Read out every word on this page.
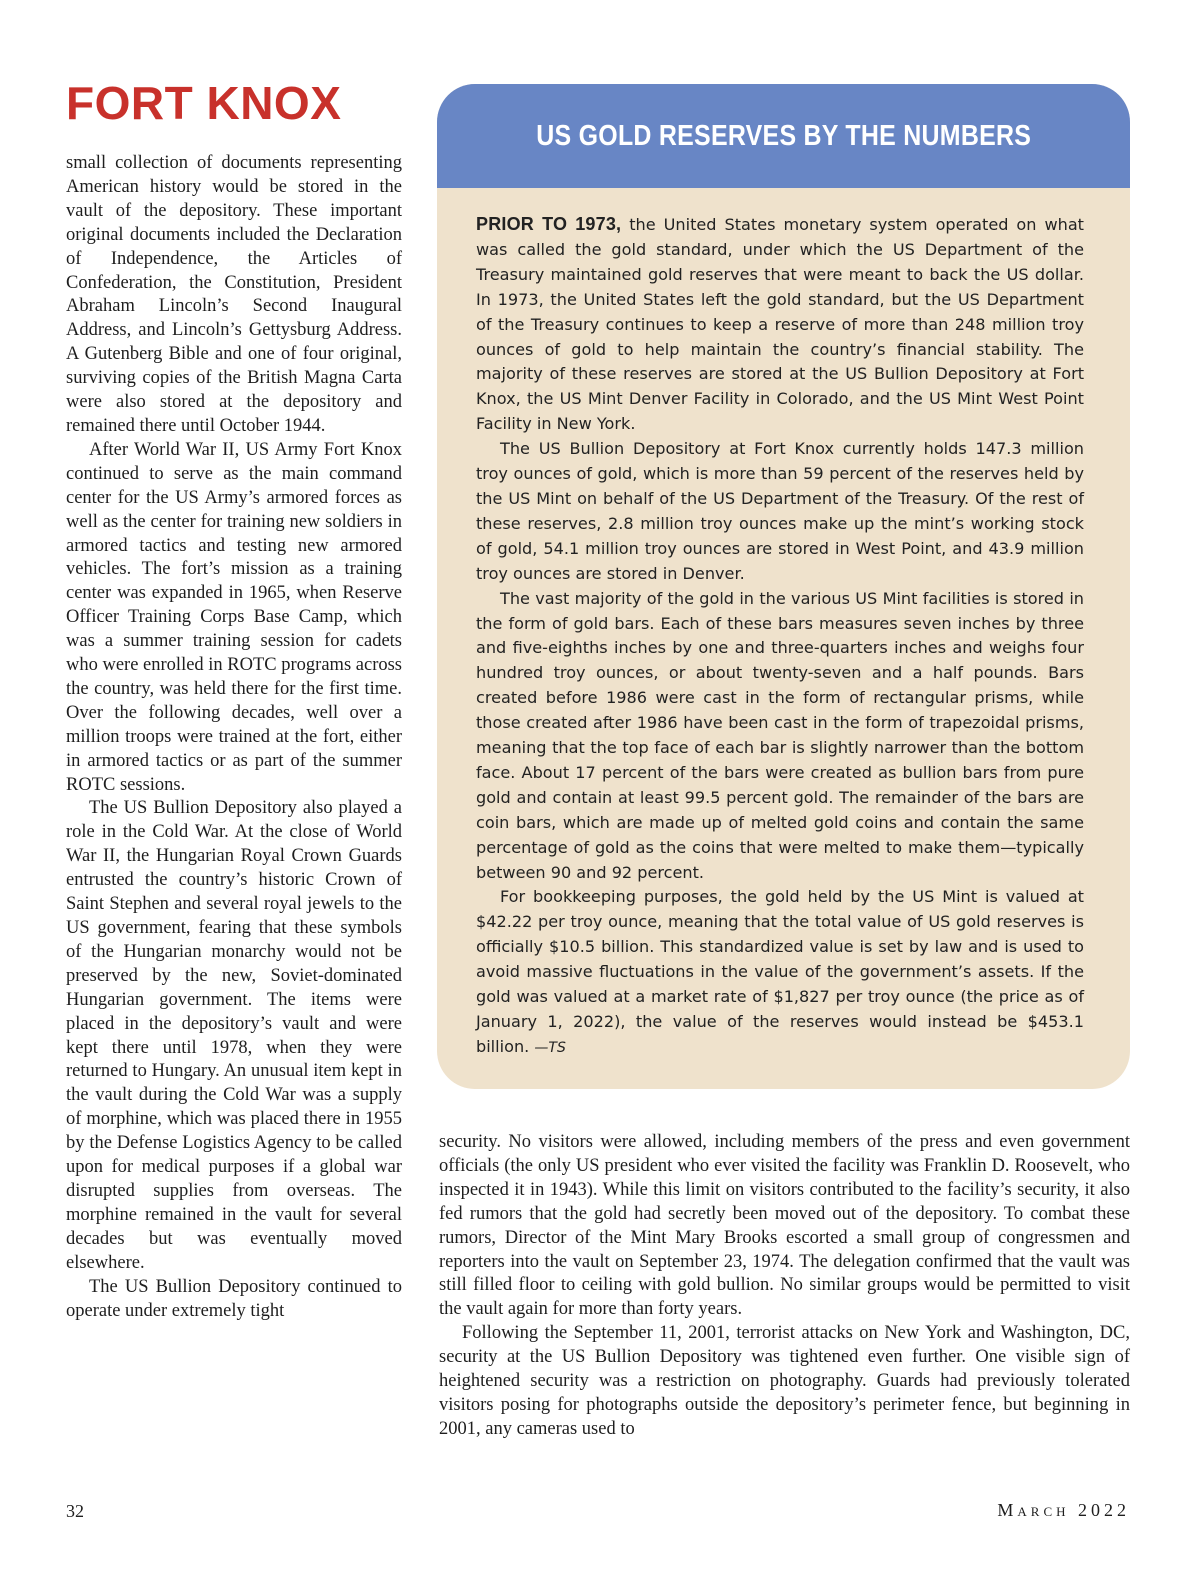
FORT KNOX

small collection of documents representing American history would be stored in the vault of the depository. These important original documents included the Declaration of Independence, the Articles of Confederation, the Constitution, President Abraham Lincoln’s Second Inaugural Address, and Lincoln’s Gettysburg Address. A Gutenberg Bible and one of four original, surviving copies of the British Magna Carta were also stored at the depository and remained there until October 1944.

After World War II, US Army Fort Knox continued to serve as the main command center for the US Army’s armored forces as well as the center for training new soldiers in armored tactics and testing new armored vehicles. The fort’s mission as a training center was expanded in 1965, when Reserve Officer Training Corps Base Camp, which was a summer training session for cadets who were enrolled in ROTC programs across the country, was held there for the first time. Over the following decades, well over a million troops were trained at the fort, either in armored tactics or as part of the summer ROTC sessions.

The US Bullion Depository also played a role in the Cold War. At the close of World War II, the Hungarian Royal Crown Guards entrusted the country’s historic Crown of Saint Stephen and several royal jewels to the US government, fearing that these symbols of the Hungarian monarchy would not be preserved by the new, Soviet-dominated Hungarian government. The items were placed in the depository’s vault and were kept there until 1978, when they were returned to Hungary. An unusual item kept in the vault during the Cold War was a supply of morphine, which was placed there in 1955 by the Defense Logistics Agency to be called upon for medical purposes if a global war disrupted supplies from overseas. The morphine remained in the vault for several decades but was eventually moved elsewhere.

The US Bullion Depository continued to operate under extremely tight

US GOLD RESERVES BY THE NUMBERS

PRIOR TO 1973, the United States monetary system operated on what was called the gold standard, under which the US Department of the Treasury maintained gold reserves that were meant to back the US dollar. In 1973, the United States left the gold standard, but the US Department of the Treasury continues to keep a reserve of more than 248 million troy ounces of gold to help maintain the country’s financial stability. The majority of these reserves are stored at the US Bullion Depository at Fort Knox, the US Mint Denver Facility in Colorado, and the US Mint West Point Facility in New York.

The US Bullion Depository at Fort Knox currently holds 147.3 million troy ounces of gold, which is more than 59 percent of the reserves held by the US Mint on behalf of the US Department of the Treasury. Of the rest of these reserves, 2.8 million troy ounces make up the mint’s working stock of gold, 54.1 million troy ounces are stored in West Point, and 43.9 million troy ounces are stored in Denver.

The vast majority of the gold in the various US Mint facilities is stored in the form of gold bars. Each of these bars measures seven inches by three and five-eighths inches by one and three-quarters inches and weighs four hundred troy ounces, or about twenty-seven and a half pounds. Bars created before 1986 were cast in the form of rectangular prisms, while those created after 1986 have been cast in the form of trapezoidal prisms, meaning that the top face of each bar is slightly narrower than the bottom face. About 17 percent of the bars were created as bullion bars from pure gold and contain at least 99.5 percent gold. The remainder of the bars are coin bars, which are made up of melted gold coins and contain the same percentage of gold as the coins that were melted to make them—typically between 90 and 92 percent.

For bookkeeping purposes, the gold held by the US Mint is valued at $42.22 per troy ounce, meaning that the total value of US gold reserves is officially $10.5 billion. This standardized value is set by law and is used to avoid massive fluctuations in the value of the government’s assets. If the gold was valued at a market rate of $1,827 per troy ounce (the price as of January 1, 2022), the value of the reserves would instead be $453.1 billion. —TS

security. No visitors were allowed, including members of the press and even government officials (the only US president who ever visited the facility was Franklin D. Roosevelt, who inspected it in 1943). While this limit on visitors contributed to the facility’s security, it also fed rumors that the gold had secretly been moved out of the depository. To combat these rumors, Director of the Mint Mary Brooks escorted a small group of congressmen and reporters into the vault on September 23, 1974. The delegation confirmed that the vault was still filled floor to ceiling with gold bullion. No similar groups would be permitted to visit the vault again for more than forty years.

Following the September 11, 2001, terrorist attacks on New York and Washington, DC, security at the US Bullion Depository was tightened even further. One visible sign of heightened security was a restriction on photography. Guards had previously tolerated visitors posing for photographs outside the depository’s perimeter fence, but beginning in 2001, any cameras used to

32	March 2022
